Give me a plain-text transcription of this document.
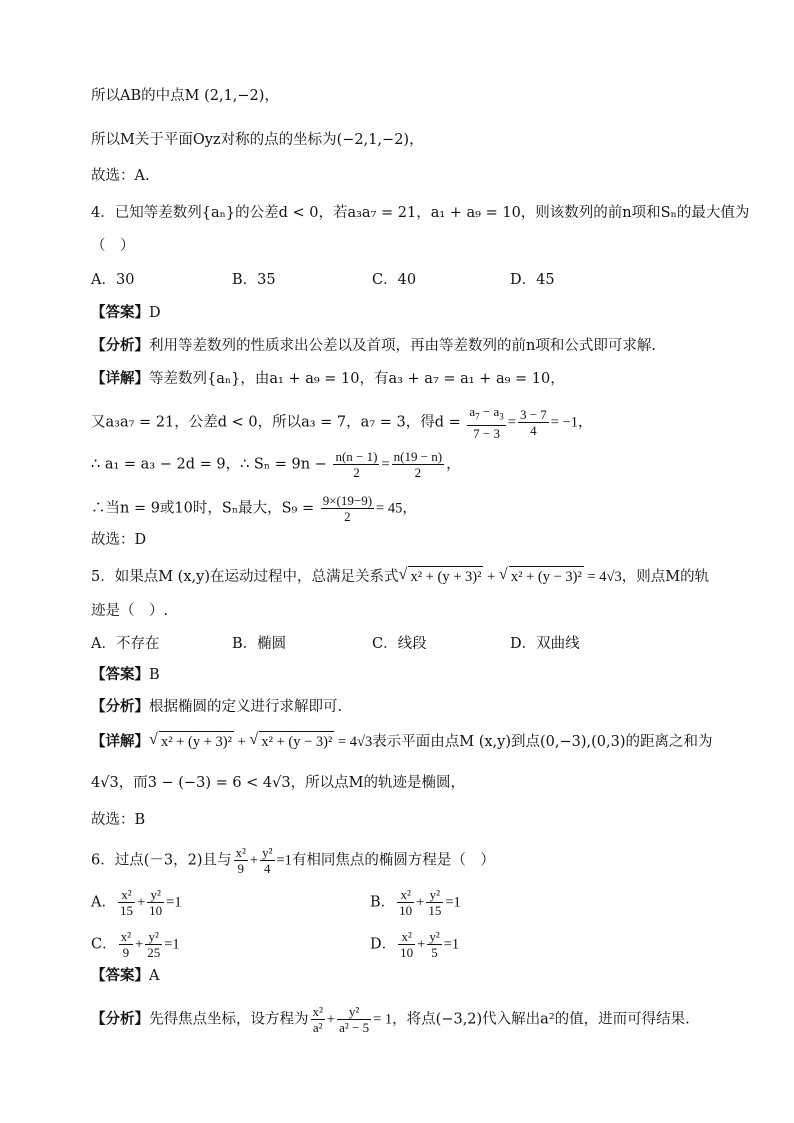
所以AB的中点M (2,1,−2)，
所以M关于平面Oyz对称的点的坐标为(−2,1,−2)，
故选：A.
4．已知等差数列{aₙ}的公差d < 0，若a₃a₇ = 21，a₁ + a₉ = 10，则该数列的前n项和Sₙ的最大值为
（　）
A．30	B．35	C．40	D．45
【答案】D
【分析】利用等差数列的性质求出公差以及首项，再由等差数列的前n项和公式即可求解.
【详解】等差数列{aₙ}，由a₁ + a₉ = 10，有a₃ + a₇ = a₁ + a₉ = 10，
又a₃a₇ = 21，公差d < 0，所以a₃ = 7，a₇ = 3，得$d = \frac{a_7 - a_3}{7 - 3} = \frac{3 - 7}{4} = -1$，
∴ a₁ = a₃ − 2d = 9，∴ $S_n = 9n - \frac{n(n - 1)}{2} = \frac{n(19 - n)}{2}$ ，
∴当n = 9或10时，Sₙ最大，$S_9 = \frac{9\times(19-9)}{2} = 45$，
故选：D
5．如果点M (x,y)在运动过程中，总满足关系式 √ x² + (y + 3)² + √ x² + (y − 3)² = 4√3，则点M的轨
迹是（　）.
A．不存在	B．椭圆	C．线段	D．双曲线
【答案】B
【分析】根据椭圆的定义进行求解即可.
【详解】 √ x² + (y + 3)² + √ x² + (y − 3)² = 4√3表示平面由点M (x,y)到点(0,−3),(0,3)的距离之和为
4√3，而3 − (−3) = 6 < 4√3，所以点M的轨迹是椭圆，
故选：B
6．过点(－3，2)且与 $\frac{\text{x²}}{9} + \frac{\text{y²}}{4} =1$有相同焦点的椭圆方程是（　）
A． $\frac{\text{x²}}{15} + \frac{\text{y²}}{10} =1$	B． $\frac{\text{x²}}{10} + \frac{\text{y²}}{15} =1$
C． $\frac{\text{x²}}{9} + \frac{\text{y²}}{25} =1$	D． $\frac{\text{x²}}{10} + \frac{\text{y²}}{5} =1$
【答案】A
【分析】先得焦点坐标，设方程为 $\frac{\text{x²}}{\text{a²}} + \frac{\text{y²}}{\text{a² − 5}} = 1$，将点(−3,2)代入解出a²的值，进而可得结果.
